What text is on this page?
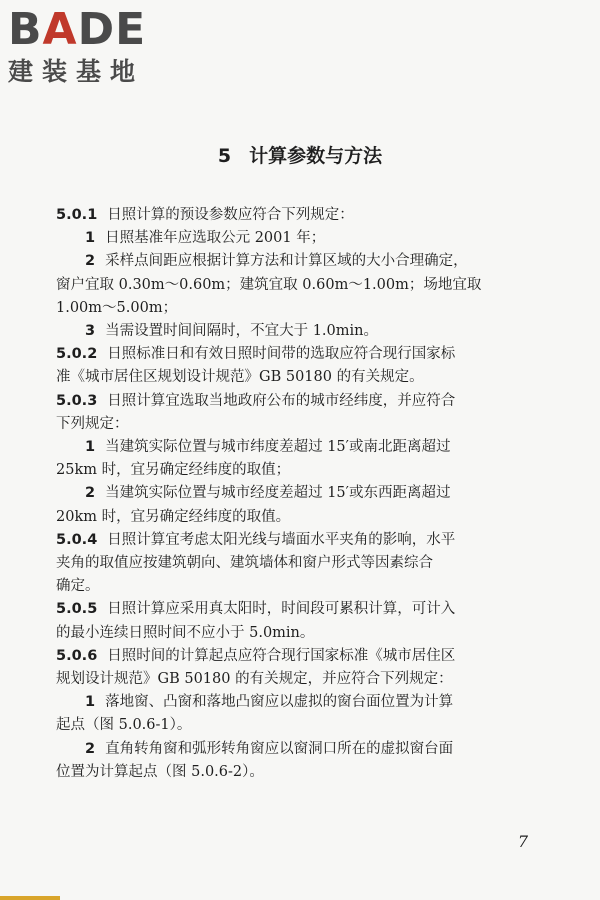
BADE
建装基地
5 计算参数与方法
5.0.1 日照计算的预设参数应符合下列规定：
1 日照基准年应选取公元 2001 年；
2 采样点间距应根据计算方法和计算区域的大小合理确定，
窗户宜取 0.30m～0.60m；建筑宜取 0.60m～1.00m；场地宜取
1.00m～5.00m；
3 当需设置时间间隔时，不宜大于 1.0min。
5.0.2 日照标准日和有效日照时间带的选取应符合现行国家标
准《城市居住区规划设计规范》GB 50180 的有关规定。
5.0.3 日照计算宜选取当地政府公布的城市经纬度，并应符合
下列规定：
1 当建筑实际位置与城市纬度差超过 15′或南北距离超过
25km 时，宜另确定经纬度的取值；
2 当建筑实际位置与城市经度差超过 15′或东西距离超过
20km 时，宜另确定经纬度的取值。
5.0.4 日照计算宜考虑太阳光线与墙面水平夹角的影响，水平
夹角的取值应按建筑朝向、建筑墙体和窗户形式等因素综合
确定。
5.0.5 日照计算应采用真太阳时，时间段可累积计算，可计入
的最小连续日照时间不应小于 5.0min。
5.0.6 日照时间的计算起点应符合现行国家标准《城市居住区
规划设计规范》GB 50180 的有关规定，并应符合下列规定：
1 落地窗、凸窗和落地凸窗应以虚拟的窗台面位置为计算
起点（图 5.0.6-1）。
2 直角转角窗和弧形转角窗应以窗洞口所在的虚拟窗台面
位置为计算起点（图 5.0.6-2）。
7
